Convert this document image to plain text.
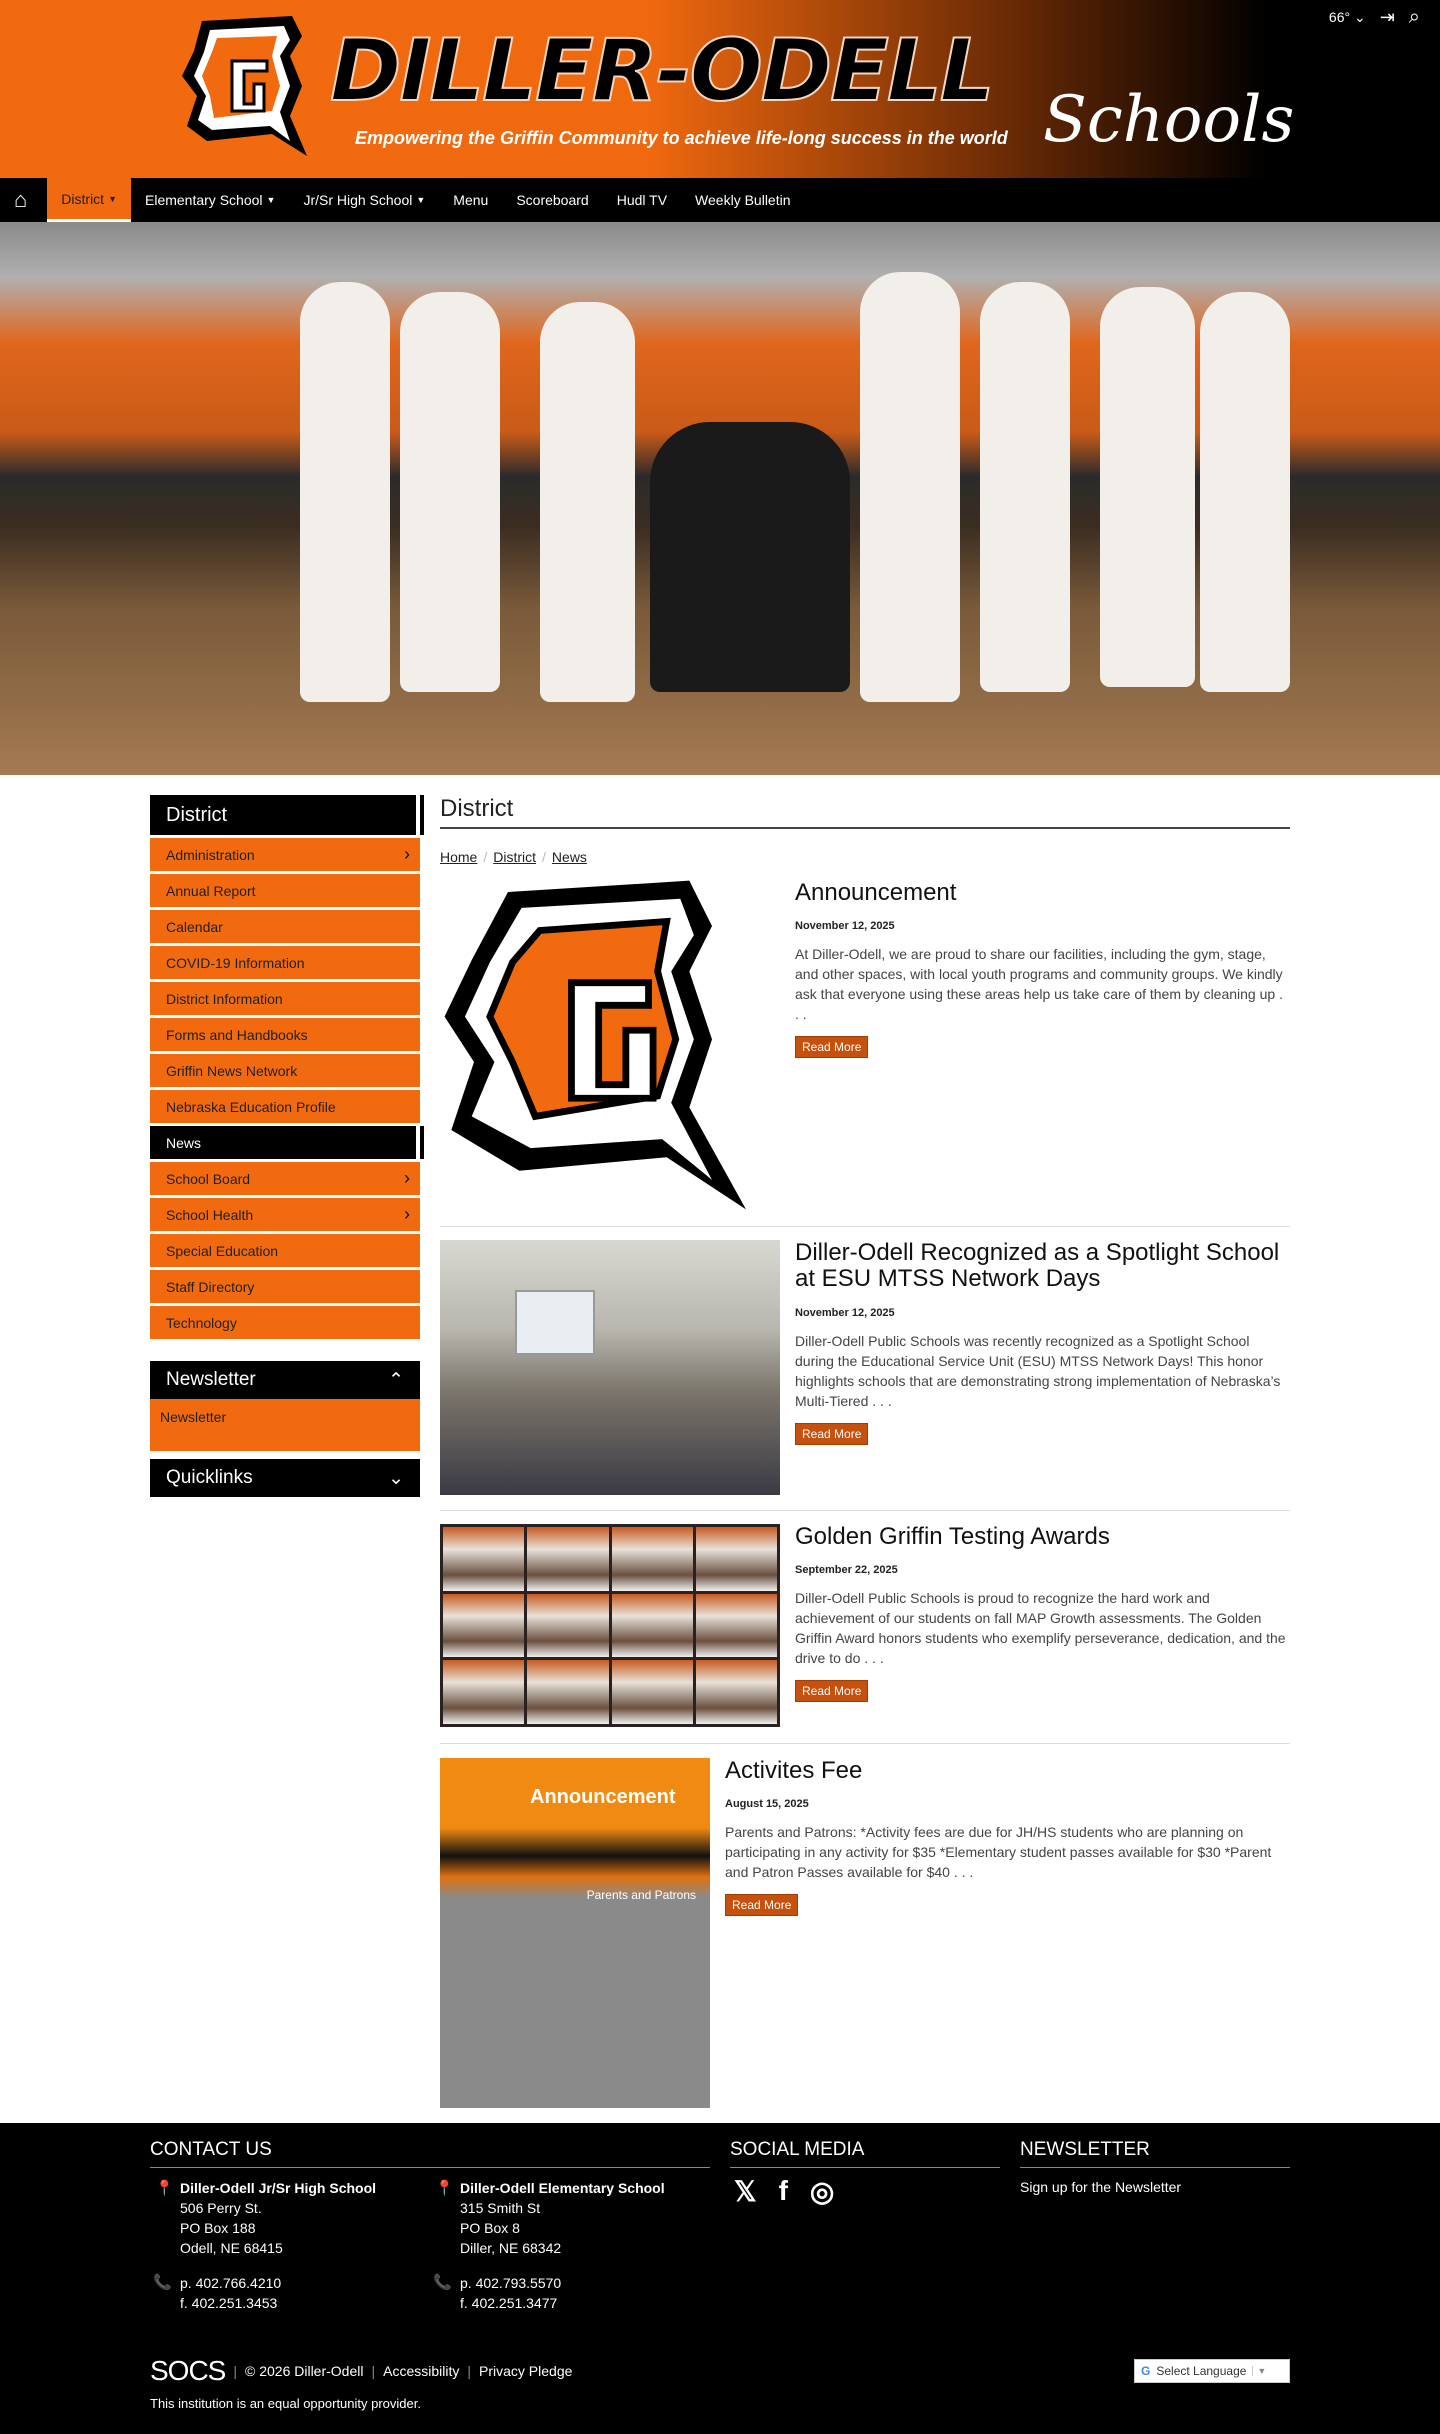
DILLER-ODELL Schools
Empowering the Griffin Community to achieve life-long success in the world
66° ⌄ ⇥ ⌕
⌂	District ▼ Elementary School ▼ Jr/Sr High School ▼	Menu	Scoreboard	Hudl TV	Weekly Bulletin
District
Administration	›
Annual Report
Calendar
COVID-19 Information
District Information
Forms and Handbooks
Griffin News Network
Nebraska Education Profile
News
School Board	›
School Health	›
Special Education
Staff Directory
Technology
Newsletter	⌃
Newsletter
Quicklinks	⌄
District
Home / District / News
Announcement
November 12, 2025
At Diller-Odell, we are proud to share our facilities, including the gym, stage, and other spaces, with local youth programs and community groups. We kindly ask that everyone using these areas help us take care of them by cleaning up . . .
Read More
Diller-Odell Recognized as a Spotlight School at ESU MTSS Network Days
November 12, 2025
Diller-Odell Public Schools was recently recognized as a Spotlight School during the Educational Service Unit (ESU) MTSS Network Days! This honor highlights schools that are demonstrating strong implementation of Nebraska’s Multi-Tiered . . .
Read More
Golden Griffin Testing Awards
September 22, 2025
Diller-Odell Public Schools is proud to recognize the hard work and achievement of our students on fall MAP Growth assessments. The Golden Griffin Award honors students who exemplify perseverance, dedication, and the drive to do . . .
Read More
Announcement
Parents and Patrons
Activites Fee
August 15, 2025
Parents and Patrons: *Activity fees are due for JH/HS students who are planning on participating in any activity for $35 *Elementary student passes available for $30 *Parent and Patron Passes available for $40 . . .
Read More
CONTACT US	SOCIAL MEDIA	NEWSLETTER
📍 Diller-Odell Jr/Sr High School
506 Perry St.
PO Box 188
Odell, NE 68415
📞 p. 402.766.4210
f. 402.251.3453
📍 Diller-Odell Elementary School
315 Smith St
PO Box 8
Diller, NE 68342
📞 p. 402.793.5570
f. 402.251.3477
𝕏 f ◎	Sign up for the Newsletter
SOCS | © 2026 Diller-Odell | Accessibility | Privacy Pledge
This institution is an equal opportunity provider.
G Select Language	▼
